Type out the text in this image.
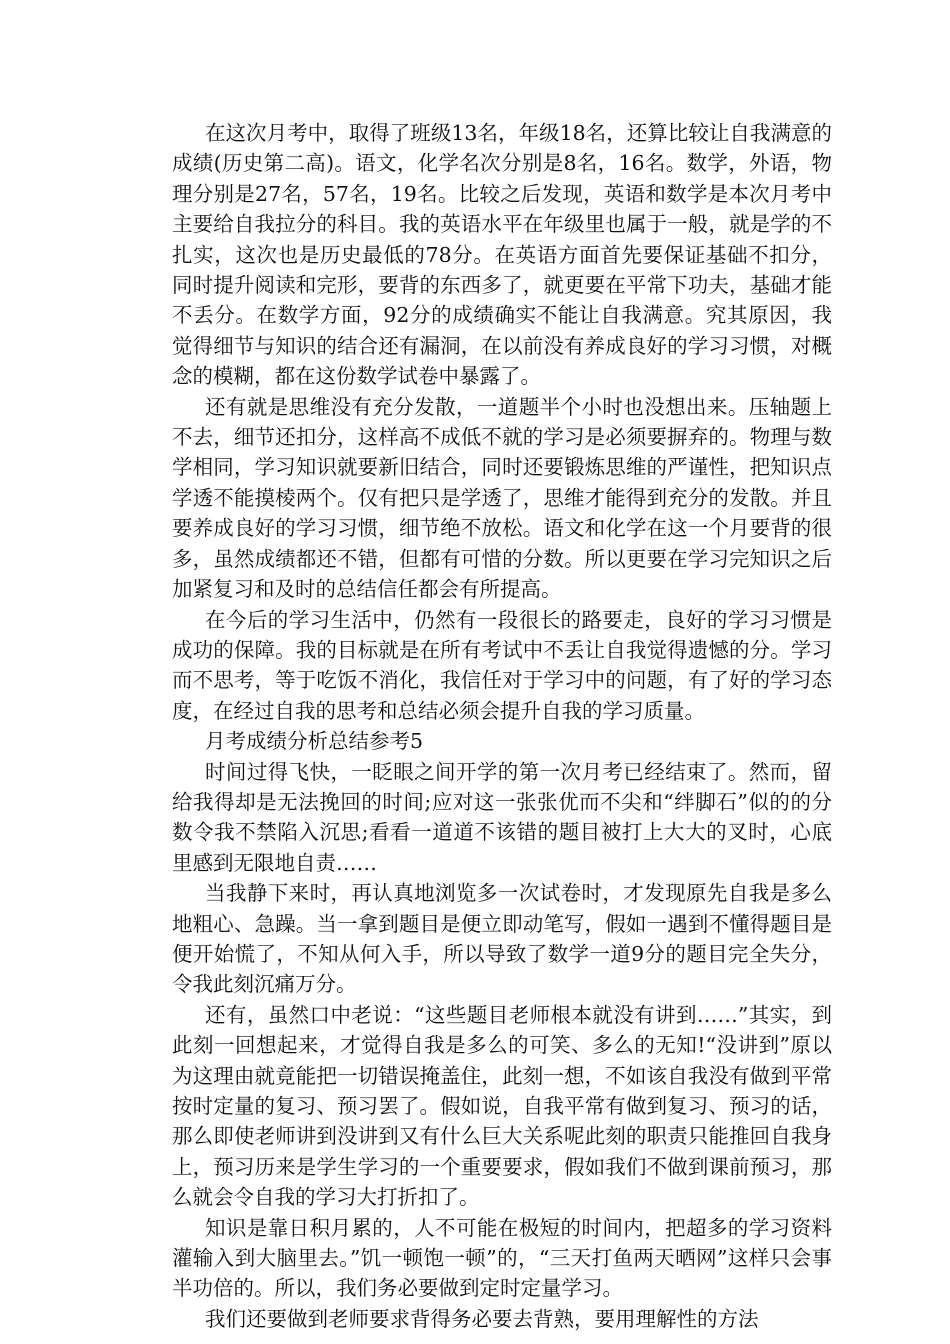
在这次月考中，取得了班级13名，年级18名，还算比较让自我满意的成绩(历史第二高)。语文，化学名次分别是8名，16名。数学，外语，物理分别是27名，57名，19名。比较之后发现，英语和数学是本次月考中主要给自我拉分的科目。我的英语水平在年级里也属于一般，就是学的不扎实，这次也是历史最低的78分。在英语方面首先要保证基础不扣分，同时提升阅读和完形，要背的东西多了，就更要在平常下功夫，基础才能不丢分。在数学方面，92分的成绩确实不能让自我满意。究其原因，我觉得细节与知识的结合还有漏洞，在以前没有养成良好的学习习惯，对概念的模糊，都在这份数学试卷中暴露了。

还有就是思维没有充分发散，一道题半个小时也没想出来。压轴题上不去，细节还扣分，这样高不成低不就的学习是必须要摒弃的。物理与数学相同，学习知识就要新旧结合，同时还要锻炼思维的严谨性，把知识点学透不能摸棱两个。仅有把只是学透了，思维才能得到充分的发散。并且要养成良好的学习习惯，细节绝不放松。语文和化学在这一个月要背的很多，虽然成绩都还不错，但都有可惜的分数。所以更要在学习完知识之后加紧复习和及时的总结信任都会有所提高。

在今后的学习生活中，仍然有一段很长的路要走，良好的学习习惯是成功的保障。我的目标就是在所有考试中不丢让自我觉得遗憾的分。学习而不思考，等于吃饭不消化，我信任对于学习中的问题，有了好的学习态度，在经过自我的思考和总结必须会提升自我的学习质量。

月考成绩分析总结参考5

时间过得飞快，一眨眼之间开学的第一次月考已经结束了。然而，留给我得却是无法挽回的时间;应对这一张张优而不尖和“绊脚石”似的的分数令我不禁陷入沉思;看看一道道不该错的题目被打上大大的叉时，心底里感到无限地自责……

当我静下来时，再认真地浏览多一次试卷时，才发现原先自我是多么地粗心、急躁。当一拿到题目是便立即动笔写，假如一遇到不懂得题目是便开始慌了，不知从何入手，所以导致了数学一道9分的题目完全失分，令我此刻沉痛万分。

还有，虽然口中老说：“这些题目老师根本就没有讲到……”其实，到此刻一回想起来，才觉得自我是多么的可笑、多么的无知!“没讲到”原以为这理由就竟能把一切错误掩盖住，此刻一想，不如该自我没有做到平常按时定量的复习、预习罢了。假如说，自我平常有做到复习、预习的话，那么即使老师讲到没讲到又有什么巨大关系呢此刻的职责只能推回自我身上，预习历来是学生学习的一个重要要求，假如我们不做到课前预习，那么就会令自我的学习大打折扣了。

知识是靠日积月累的，人不可能在极短的时间内，把超多的学习资料灌输入到大脑里去。”饥一顿饱一顿”的，“三天打鱼两天晒网”这样只会事半功倍的。所以，我们务必要做到定时定量学习。

我们还要做到老师要求背得务必要去背熟，要用理解性的方法
